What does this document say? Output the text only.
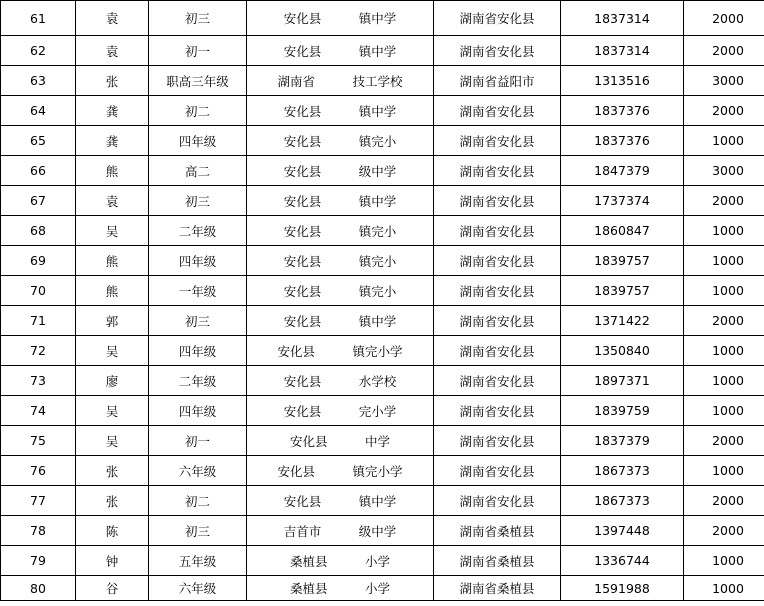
61	袁	初三	安化县　　　镇中学	湖南省安化县	1837314	2000
62	袁	初一	安化县　　　镇中学	湖南省安化县	1837314	2000
63	张	职高三年级	湖南省　　　技工学校	湖南省益阳市	1313516	3000
64	龚	初二	安化县　　　镇中学	湖南省安化县	1837376	2000
65	龚	四年级	安化县　　　镇完小	湖南省安化县	1837376	1000
66	熊	高二	安化县　　　级中学	湖南省安化县	1847379	3000
67	袁	初三	安化县　　　镇中学	湖南省安化县	1737374	2000
68	吴	二年级	安化县　　　镇完小	湖南省安化县	1860847	1000
69	熊	四年级	安化县　　　镇完小	湖南省安化县	1839757	1000
70	熊	一年级	安化县　　　镇完小	湖南省安化县	1839757	1000
71	郭	初三	安化县　　　镇中学	湖南省安化县	1371422	2000
72	吴	四年级	安化县　　　镇完小学	湖南省安化县	1350840	1000
73	廖	二年级	安化县　　　水学校	湖南省安化县	1897371	1000
74	吴	四年级	安化县　　　完小学	湖南省安化县	1839759	1000
75	吴	初一	安化县　　　中学	湖南省安化县	1837379	2000
76	张	六年级	安化县　　　镇完小学	湖南省安化县	1867373	1000
77	张	初二	安化县　　　镇中学	湖南省安化县	1867373	2000
78	陈	初三	吉首市　　　级中学	湖南省桑植县	1397448	2000
79	钟	五年级	桑植县　　　小学	湖南省桑植县	1336744	1000
80	谷	六年级	桑植县　　　小学	湖南省桑植县	1591988	1000
